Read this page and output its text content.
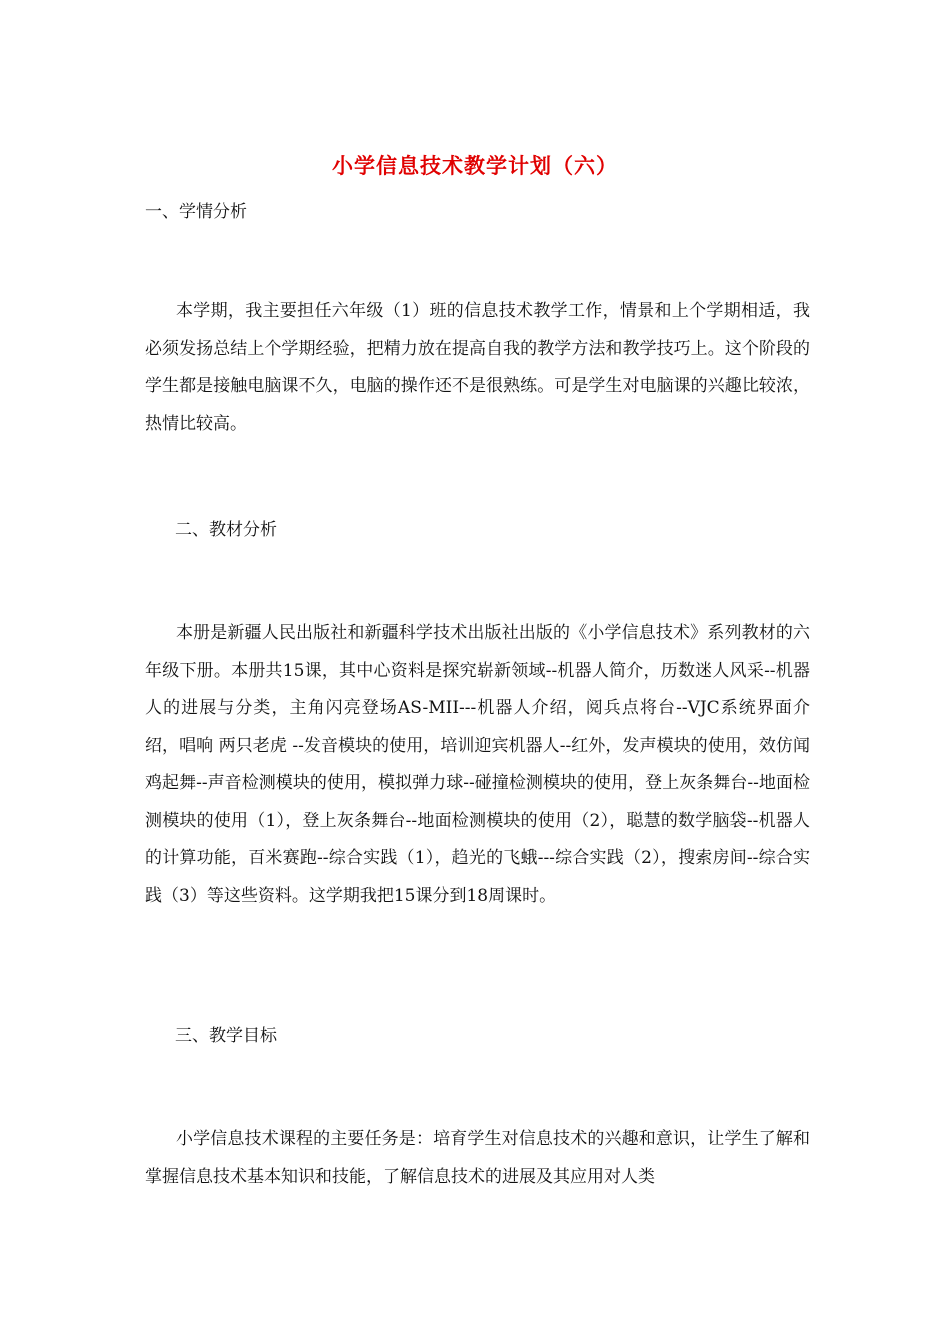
小学信息技术教学计划（六）
一、学情分析
本学期，我主要担任六年级（1）班的信息技术教学工作，情景和上个学期相适，我必须发扬总结上个学期经验，把精力放在提高自我的教学方法和教学技巧上。这个阶段的学生都是接触电脑课不久，电脑的操作还不是很熟练。可是学生对电脑课的兴趣比较浓，热情比较高。
二、教材分析
本册是新疆人民出版社和新疆科学技术出版社出版的《小学信息技术》系列教材的六年级下册。本册共15课，其中心资料是探究崭新领域--机器人简介，历数迷人风采--机器人的进展与分类，主角闪亮登场AS-MII---机器人介绍，阅兵点将台--VJC系统界面介绍，唱响 两只老虎 --发音模块的使用，培训迎宾机器人--红外，发声模块的使用，效仿闻鸡起舞--声音检测模块的使用，模拟弹力球--碰撞检测模块的使用，登上灰条舞台--地面检测模块的使用（1），登上灰条舞台--地面检测模块的使用（2），聪慧的数学脑袋--机器人的计算功能，百米赛跑--综合实践（1），趋光的飞蛾---综合实践（2），搜索房间--综合实践（3）等这些资料。这学期我把15课分到18周课时。
三、教学目标
小学信息技术课程的主要任务是：培育学生对信息技术的兴趣和意识，让学生了解和掌握信息技术基本知识和技能，了解信息技术的进展及其应用对人类
